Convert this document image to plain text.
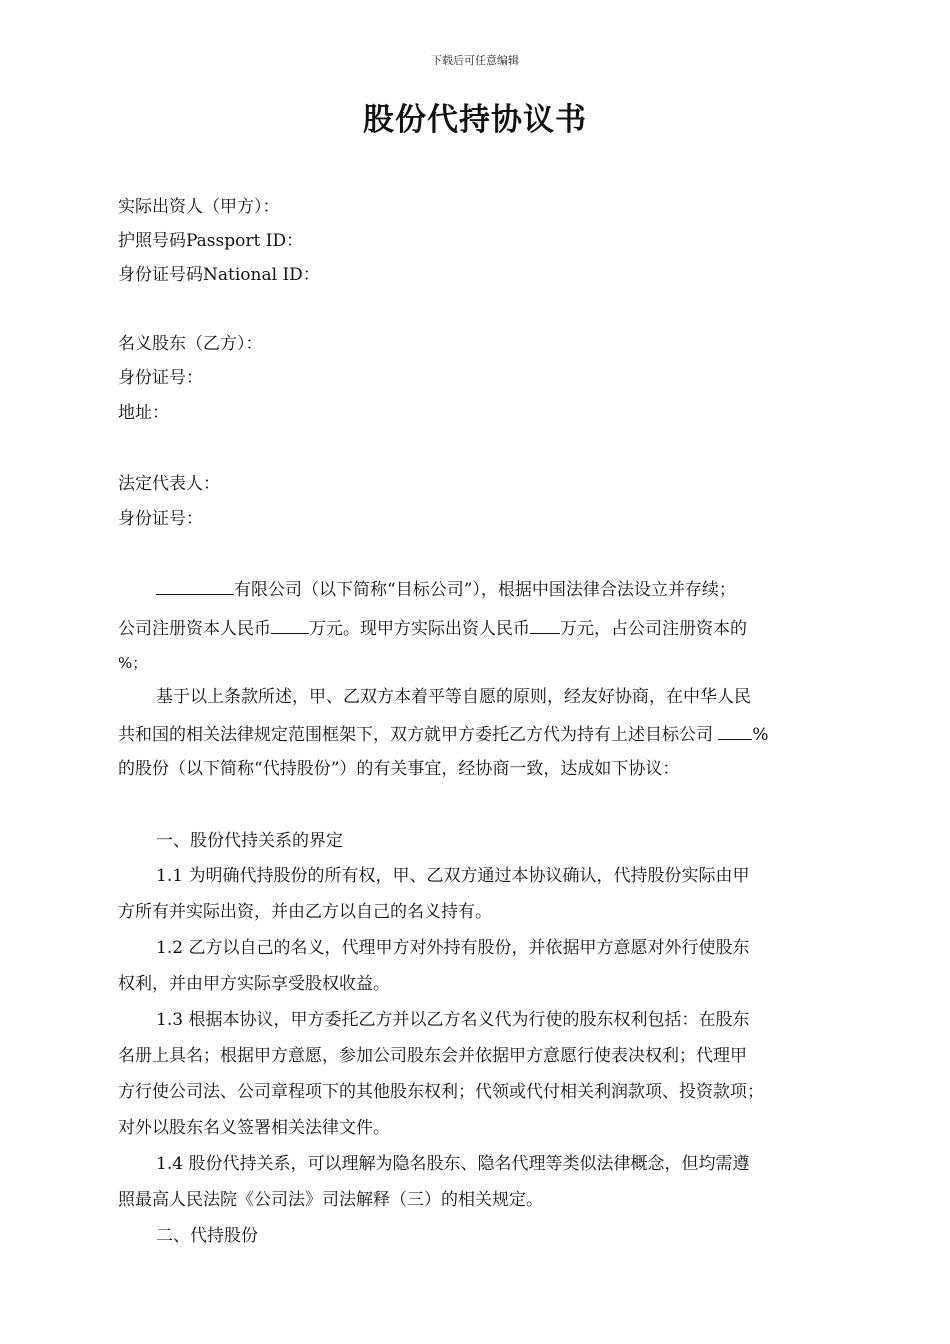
下载后可任意编辑
股份代持协议书
实际出资人（甲方）：
护照号码Passport ID：
身份证号码National ID：
名义股东（乙方）：
身份证号：
地址：
法定代表人：
身份证号：
有限公司（以下简称“目标公司”），根据中国法律合法设立并存续；
公司注册资本人民币 万元。现甲方实际出资人民币 万元，占公司注册资本的
%；
基于以上条款所述，甲、乙双方本着平等自愿的原则，经友好协商，在中华人民
共和国的相关法律规定范围框架下，双方就甲方委托乙方代为持有上述目标公司 %
的股份（以下简称“代持股份”）的有关事宜，经协商一致，达成如下协议：
一、股份代持关系的界定
1.1 为明确代持股份的所有权，甲、乙双方通过本协议确认，代持股份实际由甲
方所有并实际出资，并由乙方以自己的名义持有。
1.2 乙方以自己的名义，代理甲方对外持有股份，并依据甲方意愿对外行使股东
权利，并由甲方实际享受股权收益。
1.3 根据本协议，甲方委托乙方并以乙方名义代为行使的股东权利包括：在股东
名册上具名；根据甲方意愿，参加公司股东会并依据甲方意愿行使表决权利；代理甲
方行使公司法、公司章程项下的其他股东权利；代领或代付相关利润款项、投资款项；
对外以股东名义签署相关法律文件。
1.4 股份代持关系，可以理解为隐名股东、隐名代理等类似法律概念，但均需遵
照最高人民法院《公司法》司法解释（三）的相关规定。
二、代持股份
